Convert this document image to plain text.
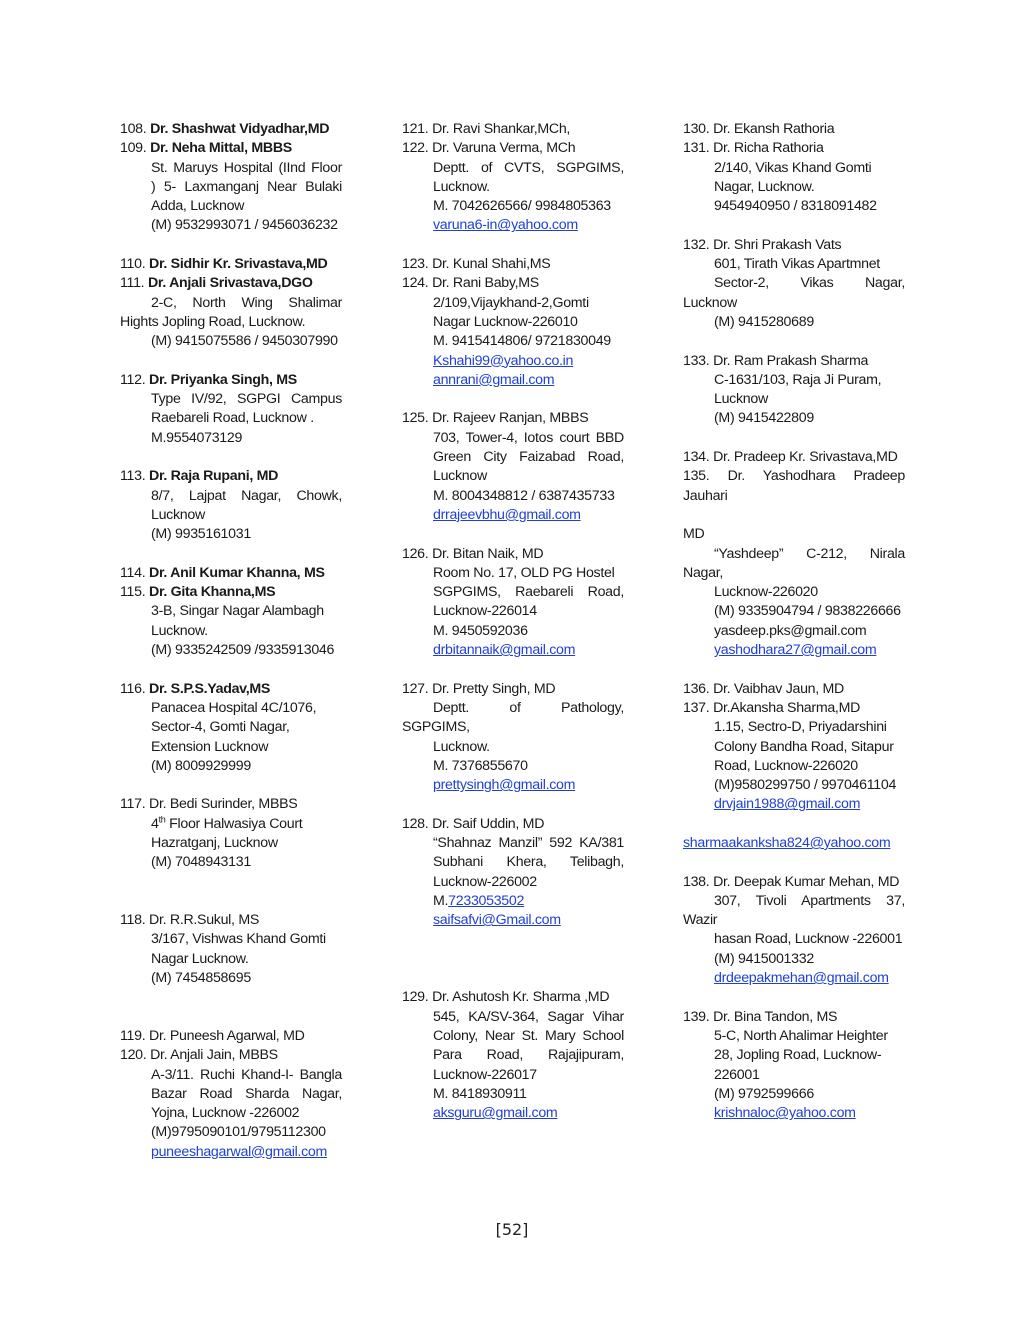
108. Dr. Shashwat Vidyadhar,MD
109. Dr. Neha Mittal, MBBS
St. Maruys Hospital (IInd Floor
) 5- Laxmanganj Near Bulaki
Adda, Lucknow
(M) 9532993071 / 9456036232
110. Dr. Sidhir Kr. Srivastava,MD
111. Dr. Anjali Srivastava,DGO
2-C, North Wing Shalimar
Hights Jopling Road, Lucknow.
(M) 9415075586 / 9450307990
112. Dr. Priyanka Singh, MS
Type IV/92, SGPGI Campus
Raebareli Road, Lucknow .
M.9554073129
113. Dr. Raja Rupani, MD
8/7, Lajpat Nagar, Chowk,
Lucknow
(M) 9935161031
114. Dr. Anil Kumar Khanna, MS
115. Dr. Gita Khanna,MS
3-B, Singar Nagar Alambagh
Lucknow.
(M) 9335242509 /9335913046
116. Dr. S.P.S.Yadav,MS
Panacea Hospital 4C/1076,
Sector-4, Gomti Nagar,
Extension Lucknow
(M) 8009929999
117. Dr. Bedi Surinder, MBBS
4th Floor Halwasiya Court
Hazratganj, Lucknow
(M) 7048943131
118. Dr. R.R.Sukul, MS
3/167, Vishwas Khand Gomti
Nagar Lucknow.
(M) 7454858695
119. Dr. Puneesh Agarwal, MD
120. Dr. Anjali Jain, MBBS
A-3/11. Ruchi Khand-I- Bangla
Bazar Road Sharda Nagar,
Yojna, Lucknow -226002
(M)9795090101/9795112300
puneeshagarwal@gmail.com
121. Dr. Ravi Shankar,MCh,
122. Dr. Varuna Verma, MCh
Deptt. of CVTS, SGPGIMS,
Lucknow.
M. 7042626566/ 9984805363
varuna6-in@yahoo.com
123. Dr. Kunal Shahi,MS
124. Dr. Rani Baby,MS
2/109,Vijaykhand-2,Gomti
Nagar Lucknow-226010
M. 9415414806/ 9721830049
Kshahi99@yahoo.co.in
annrani@gmail.com
125. Dr. Rajeev Ranjan, MBBS
703, Tower-4, Iotos court BBD
Green City Faizabad Road,
Lucknow
M. 8004348812 / 6387435733
drrajeevbhu@gmail.com
126. Dr. Bitan Naik, MD
Room No. 17, OLD PG Hostel
SGPGIMS, Raebareli Road,
Lucknow-226014
M. 9450592036
drbitannaik@gmail.com
127. Dr. Pretty Singh, MD
Deptt. of Pathology,
SGPGIMS,
Lucknow.
M. 7376855670
prettysingh@gmail.com
128. Dr. Saif Uddin, MD
“Shahnaz Manzil” 592 KA/381
Subhani Khera, Telibagh,
Lucknow-226002
M.7233053502
saifsafvi@Gmail.com
129. Dr. Ashutosh Kr. Sharma ,MD
545, KA/SV-364, Sagar Vihar
Colony, Near St. Mary School
Para Road, Rajajipuram,
Lucknow-226017
M. 8418930911
aksguru@gmail.com
130. Dr. Ekansh Rathoria
131. Dr. Richa Rathoria
2/140, Vikas Khand Gomti
Nagar, Lucknow.
9454940950 / 8318091482
132. Dr. Shri Prakash Vats
601, Tirath Vikas Apartmnet
Sector-2, Vikas Nagar,
Lucknow
(M) 9415280689
133. Dr. Ram Prakash Sharma
C-1631/103, Raja Ji Puram,
Lucknow
(M) 9415422809
134. Dr. Pradeep Kr. Srivastava,MD
135. Dr. Yashodhara Pradeep
Jauhari
MD
“Yashdeep” C-212, Nirala
Nagar,
Lucknow-226020
(M) 9335904794 / 9838226666
yasdeep.pks@gmail.com
yashodhara27@gmail.com
136. Dr. Vaibhav Jaun, MD
137. Dr.Akansha Sharma,MD
1.15, Sectro-D, Priyadarshini
Colony Bandha Road, Sitapur
Road, Lucknow-226020
(M)9580299750 / 9970461104
drvjain1988@gmail.com
sharmaakanksha824@yahoo.com
138. Dr. Deepak Kumar Mehan, MD
307, Tivoli Apartments 37,
Wazir
hasan Road, Lucknow -226001
(M) 9415001332
drdeepakmehan@gmail.com
139. Dr. Bina Tandon, MS
5-C, North Ahalimar Heighter
28, Jopling Road, Lucknow-
226001
(M) 9792599666
krishnaloc@yahoo.com
[52]
